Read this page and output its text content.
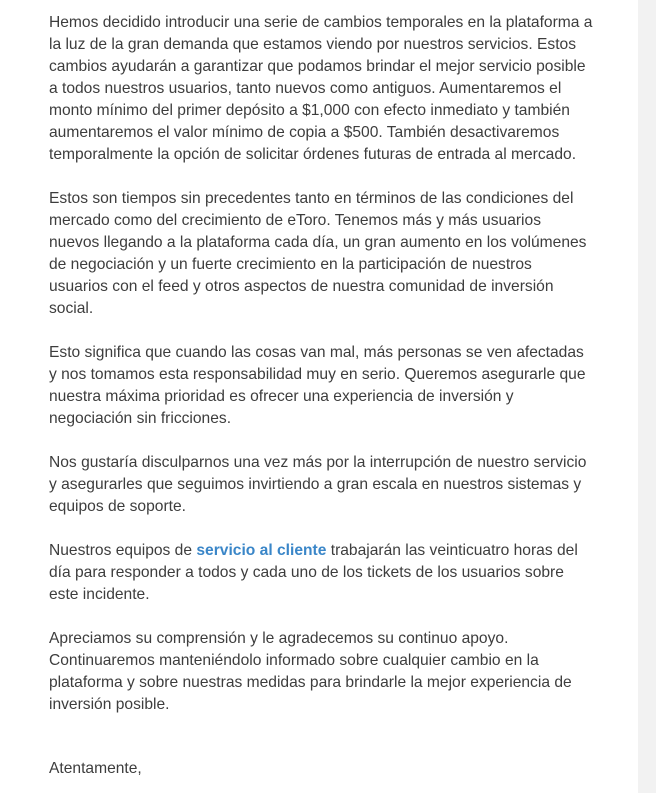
Hemos decidido introducir una serie de cambios temporales en la plataforma a la luz de la gran demanda que estamos viendo por nuestros servicios. Estos cambios ayudarán a garantizar que podamos brindar el mejor servicio posible a todos nuestros usuarios, tanto nuevos como antiguos. Aumentaremos el monto mínimo del primer depósito a $1,000 con efecto inmediato y también aumentaremos el valor mínimo de copia a $500. También desactivaremos temporalmente la opción de solicitar órdenes futuras de entrada al mercado.

Estos son tiempos sin precedentes tanto en términos de las condiciones del mercado como del crecimiento de eToro. Tenemos más y más usuarios nuevos llegando a la plataforma cada día, un gran aumento en los volúmenes de negociación y un fuerte crecimiento en la participación de nuestros usuarios con el feed y otros aspectos de nuestra comunidad de inversión social.

Esto significa que cuando las cosas van mal, más personas se ven afectadas y nos tomamos esta responsabilidad muy en serio. Queremos asegurarle que nuestra máxima prioridad es ofrecer una experiencia de inversión y negociación sin fricciones.

Nos gustaría disculparnos una vez más por la interrupción de nuestro servicio y asegurarles que seguimos invirtiendo a gran escala en nuestros sistemas y equipos de soporte.

Nuestros equipos de servicio al cliente trabajarán las veinticuatro horas del día para responder a todos y cada uno de los tickets de los usuarios sobre este incidente.

Apreciamos su comprensión y le agradecemos su continuo apoyo. Continuaremos manteniéndolo informado sobre cualquier cambio en la plataforma y sobre nuestras medidas para brindarle la mejor experiencia de inversión posible.

Atentamente,
